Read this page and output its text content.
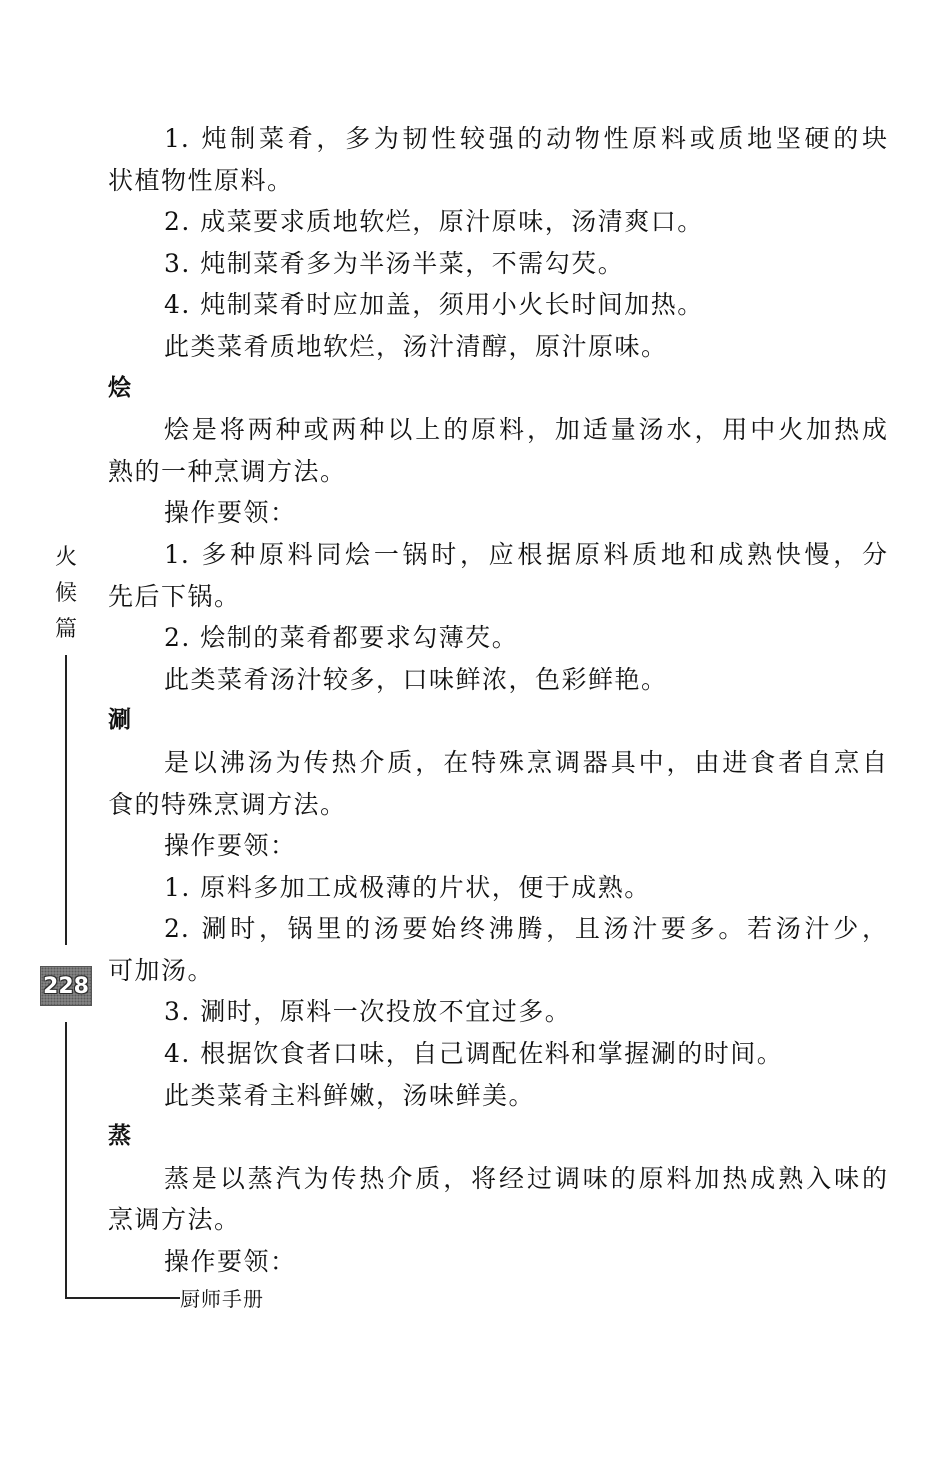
1. 炖制菜肴，多为韧性较强的动物性原料或质地坚硬的块
状植物性原料。
2. 成菜要求质地软烂，原汁原味，汤清爽口。
3. 炖制菜肴多为半汤半菜，不需勾芡。
4. 炖制菜肴时应加盖，须用小火长时间加热。
此类菜肴质地软烂，汤汁清醇，原汁原味。
烩
烩是将两种或两种以上的原料，加适量汤水，用中火加热成
熟的一种烹调方法。
操作要领：
1. 多种原料同烩一锅时，应根据原料质地和成熟快慢，分
先后下锅。
2. 烩制的菜肴都要求勾薄芡。
此类菜肴汤汁较多，口味鲜浓，色彩鲜艳。
涮
是以沸汤为传热介质，在特殊烹调器具中，由进食者自烹自
食的特殊烹调方法。
操作要领：
1. 原料多加工成极薄的片状，便于成熟。
2. 涮时，锅里的汤要始终沸腾，且汤汁要多。若汤汁少，
可加汤。
3. 涮时，原料一次投放不宜过多。
4. 根据饮食者口味，自己调配佐料和掌握涮的时间。
此类菜肴主料鲜嫩，汤味鲜美。
蒸
蒸是以蒸汽为传热介质，将经过调味的原料加热成熟入味的
烹调方法。
操作要领：
火
候
篇
228
厨师手册
